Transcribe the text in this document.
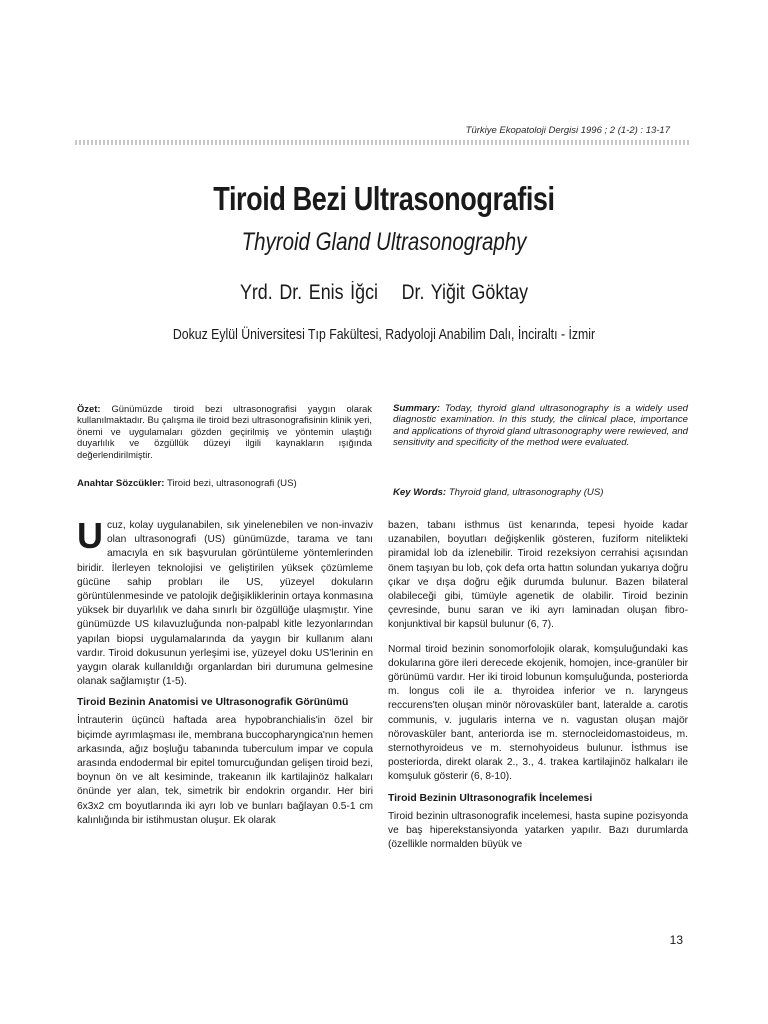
Türkiye Ekopatoloji Dergisi 1996 ; 2 (1-2) : 13-17
Tiroid Bezi Ultrasonografisi
Thyroid Gland Ultrasonography
Yrd. Dr. Enis İğci Dr. Yiğit Göktay
Dokuz Eylül Üniversitesi Tıp Fakültesi, Radyoloji Anabilim Dalı, İnciraltı - İzmir
Özet: Günümüzde tiroid bezi ultrasonografisi yaygın olarak kullanılmaktadır. Bu çalışma ile tiroid bezi ultrasonografisinin klinik yeri, önemi ve uygulamaları gözden geçirilmiş ve yöntemin ulaştığı duyarlılık ve özgüllük düzeyi ilgili kaynakların ışığında değerlendirilmiştir.
Anahtar Sözcükler: Tiroid bezi, ultrasonografi (US)
Summary: Today, thyroid gland ultrasonography is a widely used diagnostic examination. In this study, the clinical place, importance and applications of thyroid gland ultrasonography were rewieved, and sensitivity and specificity of the method were evaluated.
Key Words: Thyroid gland, ultrasonography (US)

U cuz, kolay uygulanabilen, sık yinelenebilen ve non-invaziv olan ultrasonografi (US) günümüzde, tarama ve tanı amacıyla en sık başvurulan görüntüleme yöntemlerinden biridir. İlerleyen teknolojisi ve geliştirilen yüksek çözümleme gücüne sahip probları ile US, yüzeyel dokuların görüntülenmesinde ve patolojik değişikliklerinin ortaya konmasına yüksek bir duyarlılık ve daha sınırlı bir özgüllüğe ulaşmıştır. Yine günümüzde US kılavuzluğunda non-palpabl kitle lezyonlarından yapılan biopsi uygulamalarında da yaygın bir kullanım alanı vardır. Tiroid dokusunun yerleşimi ise, yüzeyel doku US'lerinin en yaygın olarak kullanıldığı organlardan biri durumuna gelmesine olanak sağlamıştır (1-5).

Tiroid Bezinin Anatomisi ve Ultrasonografik Görünümü

İntrauterin üçüncü haftada area hypobranchialis'in özel bir biçimde ayrımlaşması ile, membrana buccopharyngica'nın hemen arkasında, ağız boşluğu tabanında tuberculum impar ve copula arasında endodermal bir epitel tomurcuğundan gelişen tiroid bezi, boynun ön ve alt kesiminde, trakeanın ilk kartilajinöz halkaları önünde yer alan, tek, simetrik bir endokrin organdır. Her biri 6x3x2 cm boyutlarında iki ayrı lob ve bunları bağlayan 0.5-1 cm kalınlığında bir istihmustan oluşur. Ek olarak

bazen, tabanı isthmus üst kenarında, tepesi hyoide kadar uzanabilen, boyutları değişkenlik gösteren, fuziform nitelikteki piramidal lob da izlenebilir. Tiroid rezeksiyon cerrahisi açısından önem taşıyan bu lob, çok defa orta hattın solundan yukarıya doğru çıkar ve dışa doğru eğik durumda bulunur. Bazen bilateral olabileceği gibi, tümüyle agenetik de olabilir. Tiroid bezinin çevresinde, bunu saran ve iki ayrı laminadan oluşan fibro-konjunktival bir kapsül bulunur (6, 7).

Normal tiroid bezinin sonomorfolojik olarak, komşuluğundaki kas dokularına göre ileri derecede ekojenik, homojen, ince-granüler bir görünümü vardır. Her iki tiroid lobunun komşuluğunda, posteriorda m. longus coli ile a. thyroidea inferior ve n. laryngeus reccurens'ten oluşan minör nörovasküler bant, lateralde a. carotis communis, v. jugularis interna ve n. vagustan oluşan majör nörovasküler bant, anteriorda ise m. sternocleidomastoideus, m. sternothyroideus ve m. sternohyoideus bulunur. İsthmus ise posteriorda, direkt olarak 2., 3., 4. trakea kartilajinöz halkaları ile komşuluk gösterir (6, 8-10).

Tiroid Bezinin Ultrasonografik İncelemesi

Tiroid bezinin ultrasonografik incelemesi, hasta supine pozisyonda ve baş hiperekstansiyonda yatarken yapılır. Bazı durumlarda (özellikle normalden büyük ve

13
